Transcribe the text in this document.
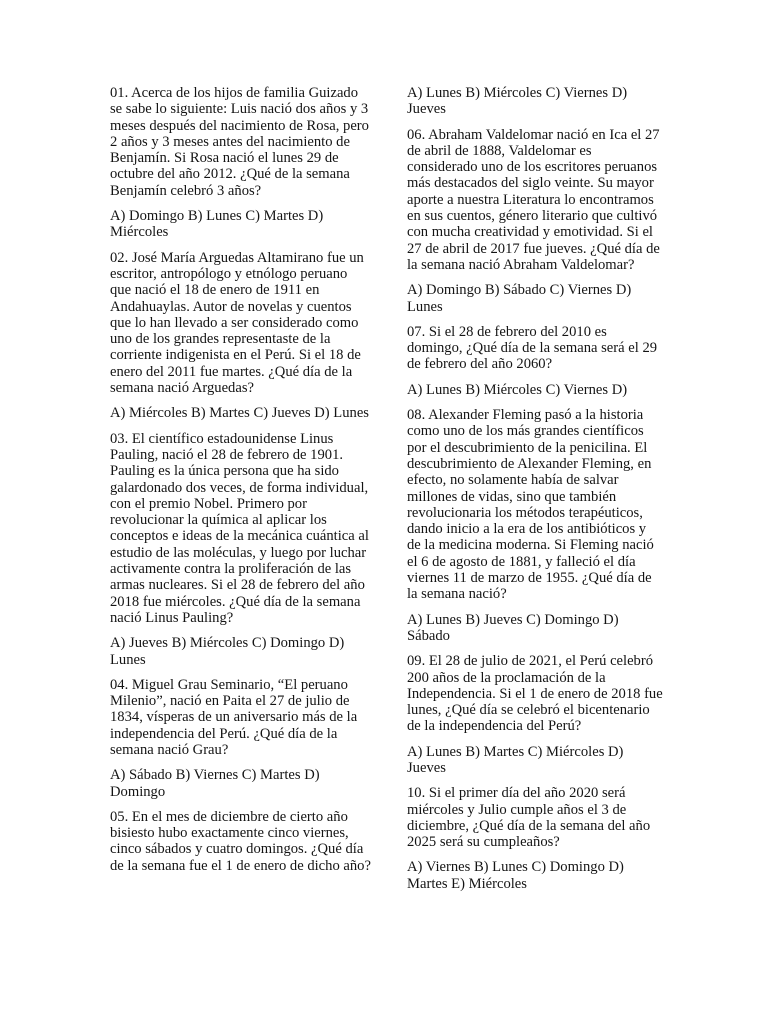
01. Acerca de los hijos de familia Guizado se sabe lo siguiente: Luis nació dos años y 3 meses después del nacimiento de Rosa, pero 2 años y 3 meses antes del nacimiento de Benjamín. Si Rosa nació el lunes 29 de octubre del año 2012. ¿Qué de la semana Benjamín celebró 3 años?

A) Domingo B) Lunes C) Martes D) Miércoles

02. José María Arguedas Altamirano fue un escritor, antropólogo y etnólogo peruano que nació el 18 de enero de 1911 en Andahuaylas. Autor de novelas y cuentos que lo han llevado a ser considerado como uno de los grandes representaste de la corriente indigenista en el Perú. Si el 18 de enero del 2011 fue martes. ¿Qué día de la semana nació Arguedas?

A) Miércoles B) Martes C) Jueves D) Lunes

03. El científico estadounidense Linus Pauling, nació el 28 de febrero de 1901. Pauling es la única persona que ha sido galardonado dos veces, de forma individual, con el premio Nobel. Primero por revolucionar la química al aplicar los conceptos e ideas de la mecánica cuántica al estudio de las moléculas, y luego por luchar activamente contra la proliferación de las armas nucleares. Si el 28 de febrero del año 2018 fue miércoles. ¿Qué día de la semana nació Linus Pauling?

A) Jueves B) Miércoles C) Domingo D) Lunes

04. Miguel Grau Seminario, “El peruano Milenio”, nació en Paita el 27 de julio de 1834, vísperas de un aniversario más de la independencia del Perú. ¿Qué día de la semana nació Grau?

A) Sábado B) Viernes C) Martes D) Domingo

05. En el mes de diciembre de cierto año bisiesto hubo exactamente cinco viernes, cinco sábados y cuatro domingos. ¿Qué día de la semana fue el 1 de enero de dicho año?

A) Lunes B) Miércoles C) Viernes D) Jueves

06. Abraham Valdelomar nació en Ica el 27 de abril de 1888, Valdelomar es considerado uno de los escritores peruanos más destacados del siglo veinte. Su mayor aporte a nuestra Literatura lo encontramos en sus cuentos, género literario que cultivó con mucha creatividad y emotividad. Si el 27 de abril de 2017 fue jueves. ¿Qué día de la semana nació Abraham Valdelomar?

A) Domingo B) Sábado C) Viernes D) Lunes

07. Si el 28 de febrero del 2010 es domingo, ¿Qué día de la semana será el 29 de febrero del año 2060?

A) Lunes B) Miércoles C) Viernes D)

08. Alexander Fleming pasó a la historia como uno de los más grandes científicos por el descubrimiento de la penicilina. El descubrimiento de Alexander Fleming, en efecto, no solamente había de salvar millones de vidas, sino que también revolucionaria los métodos terapéuticos, dando inicio a la era de los antibióticos y de la medicina moderna. Si Fleming nació el 6 de agosto de 1881, y falleció el día viernes 11 de marzo de 1955. ¿Qué día de la semana nació?

A) Lunes B) Jueves C) Domingo D) Sábado

09. El 28 de julio de 2021, el Perú celebró 200 años de la proclamación de la Independencia. Si el 1 de enero de 2018 fue lunes, ¿Qué día se celebró el bicentenario de la independencia del Perú?

A) Lunes B) Martes C) Miércoles D) Jueves

10. Si el primer día del año 2020 será miércoles y Julio cumple años el 3 de diciembre, ¿Qué día de la semana del año 2025 será su cumpleaños?

A) Viernes B) Lunes C) Domingo D) Martes E) Miércoles
